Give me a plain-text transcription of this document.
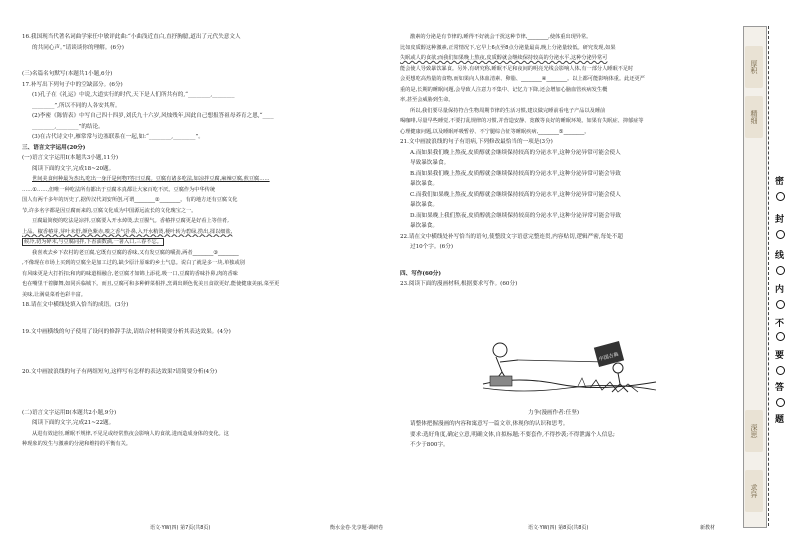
16.我国现当代著名词曲学家任中敏评此曲:“小曲浅近直白,直抒胸臆,道出了元代失意文人
的共同心声。”请谈谈你的理解。(6分)
(三)名篇名句默写(本题共1小题,6分)
17.补写出下列句子中的空缺部分。(6分)
(1)孔子在《礼运》中说,大道实行的时代,天下是人们所共有的,“________,________
________”,所以不同的人各安其所。
(2)李密《陈情表》中写自己四十四岁,刘氏九十六岁,风烛残年,因此自己想报答祖母养育之恩,“____
________,________”的结论。
(3)在古代诗文中,雁常常与边塞联系在一起,如:“________,________”。
三、语言文字运用(20分)
(一)语言文字运用Ⅰ(本题共3小题,11分)
阅读下面的文字,完成18~20题。
世间美食何种最为杰出,吃出一身汗是何物?答曰豆腐。豆腐有诸多吃法,如凉拌豆腐,麻辣豆腐,煎豆腐……
……①……,但唯一种吃法所有都出于豆腐本真都让大家百吃不厌。豆腐作为中华传统
国人有两千多年的历史了,据传汉代刘安所创,可谓________②________。有的地方还有豆腐文化
节,许多名字都是因豆腐而来的,豆腐文化成为中国源远流长的文化瑰宝之一。
豆腐最简便的吃法是凉拌,豆腐要入开水焯烫,去豆腥气。香椿拌豆腐更是好看上等佳肴,
上品。椒香椿芽,芽叶未舒,颜色紫赤,嗅之香气扑鼻,入开水稍烫,梗叶转为碧绿,捞出,揉以细盐,
候冷,切为碎末,与豆腐同拌,下香油数滴,一箸入口,三春不忘。
我喜欢去乡下农村的老豆腐,它既有豆腐的香味,又有发豆腐的嚼劲,两者________③________
,不像现在市场上买到的豆腐全是加工过的,缺少原汁原味的乡土气息。说白了就是多一块,单独或别
有风味更是大打折扣;和肉的味道相融合,老豆腐才如锦上添花,吸一口,豆腐的香味扑鼻,肉的香味
也在嘴里干着脚舞,如同兵临城下。而且,豆腐可和多种鲜菜相拌,烹调出颜色优美且食欲更好,能使健康美丽,菜至更
美味,让满桌菜肴色彩丰富。
18.请在文中横线处填入恰当的成语。(3分)
19.文中画横线的句子使用了设问的修辞手法,请结合材料简要分析其表达效果。(4分)
20.文中画波浪线的句子有两组短句,这样写有怎样的表达效果?请简要分析(4分)
(二)语言文字运用Ⅱ(本题共2小题,9分)
阅读下面的文字,完成21~22题。
从进有效途径,睡眠不规律,不见足或经常熬夜会影响人的食欲,进而造成身体的变化。这
种现象的发生与激素的分泌和维持的平衡有关。
激素的分泌是有节律的,睡得不好就会干扰这种节律,________,使体重出现异常。
比如皮质醇这种激素,正常情况下,它早上6点至8点分泌量最高,晚上分泌量较低。研究发现,如果
失眠或人的食欲;而我们如果晚上熬夜,皮质醇就会继续保持较高的分泌水平,这种分泌异常可
能会使人导致暴饮暴食。另外,有研究称,睡眠不足和夜间的明亮光线会影响人体,有一部分人睡眠不足时
会更想吃高热量的食物,而如果向人体血清素、卵脂、________④________。以上都可能影响体重。此还更严
重的是,长期的睡眠问题,会导致人注意力不集中、记忆力下降,还会增加心脑血管疾病发生概
率,甚至会威胁到生命。
所以,我们要尽量保持符合生物周期节律的生活习惯,建议做完睡前看电子产品以及睡前
喝咖啡,尽量早些睡觉,不要打乱规律的习惯,并营造安静、宽敞等良好的睡眠环境。如果有失眠症、抑郁症等
心理健康问题,以及睡眠呼吸暂停、不宁腿综合征等睡眠疾病,________⑤________。
21.文中画波浪线的句子有语病,下列修改最恰当的一项是(3分)
A.而如果我们晚上熬夜,皮质醇就会继续保持较高的分泌水平,这种分泌异常可能会使人
导致暴饮暴食。
B.而如果我们晚上熬夜,皮质醇就会继续保持较高的分泌水平,这种分泌异常可能会导致
暴饮暴食。
C.而我们如果晚上熬夜,皮质醇就会继续保持较高的分泌水平,这种分泌异常可能会使人
暴饮暴食。
D.而如果晚上我们熬夜,皮质醇就会继续保持较高的分泌水平,这种分泌异常可能会导致
暴饮暴食。
22.请在文中横线处补写恰当的语句,使整段文字语意完整连贯,内容贴切,逻辑严密,每处不超
过10个字。(6分)
四、写作(60分)
23.阅读下面的漫画材料,根据要求写作。(60分)
中国古典
力争(漫画作者:任坚)
请整体把握漫画的内容和寓意写一篇文章,体现你的认识和思考。
要求:选好角度,确定立意,明确文体,自拟标题;不要套作,不得抄袭;不得泄露个人信息;
不少于800字。
语文·YW(四) 第7页(共8页)	衡水金卷·先享题·调研卷	语文·YW(四) 第8页(共8页)	新教材
厚积
精细
深思
求异
密
封
线
内
不
要
答
题
